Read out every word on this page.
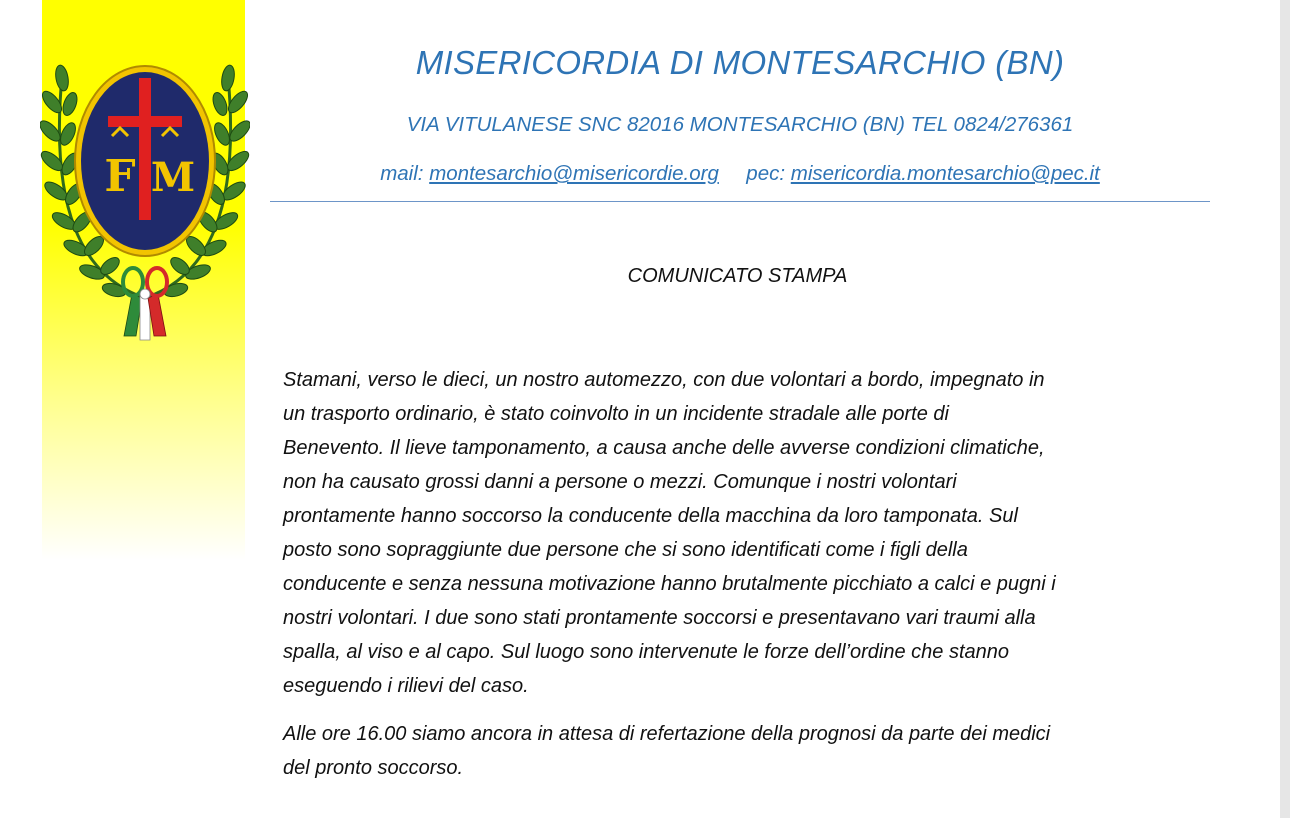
F M
MISERICORDIA DI MONTESARCHIO (BN)
VIA VITULANESE SNC 82016 MONTESARCHIO (BN) TEL 0824/276361
mail: montesarchio@misericordie.org pec: misericordia.montesarchio@pec.it
COMUNICATO STAMPA

Stamani, verso le dieci, un nostro automezzo, con due volontari a bordo, impegnato in
un trasporto ordinario, è stato coinvolto in un incidente stradale alle porte di
Benevento. Il lieve tamponamento, a causa anche delle avverse condizioni climatiche,
non ha causato grossi danni a persone o mezzi. Comunque i nostri volontari
prontamente hanno soccorso la conducente della macchina da loro tamponata. Sul
posto sono sopraggiunte due persone che si sono identificati come i figli della
conducente e senza nessuna motivazione hanno brutalmente picchiato a calci e pugni i
nostri volontari. I due sono stati prontamente soccorsi e presentavano vari traumi alla
spalla, al viso e al capo. Sul luogo sono intervenute le forze dell’ordine che stanno
eseguendo i rilievi del caso.

Alle ore 16.00 siamo ancora in attesa di refertazione della prognosi da parte dei medici
del pronto soccorso.
